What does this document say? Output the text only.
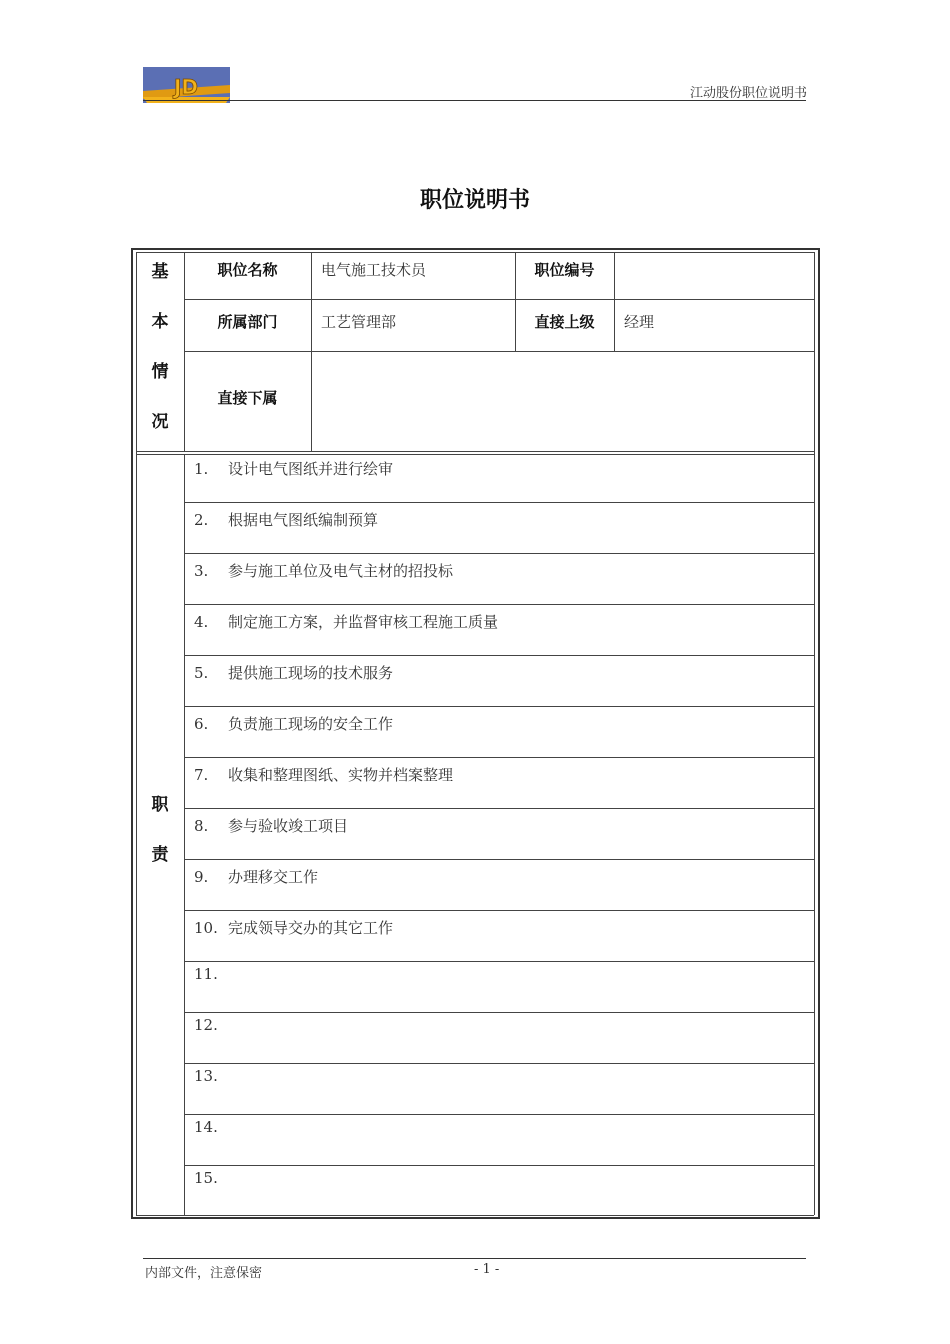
JD	江动股份职位说明书
职位说明书
基
本
情
况
职位名称	电气施工技术员	职位编号
所属部门	工艺管理部	直接上级	经理
直接下属
职
责
1. 设计电气图纸并进行绘审
2. 根据电气图纸编制预算
3. 参与施工单位及电气主材的招投标
4. 制定施工方案，并监督审核工程施工质量
5. 提供施工现场的技术服务
6. 负责施工现场的安全工作
7. 收集和整理图纸、实物并档案整理
8. 参与验收竣工项目
9. 办理移交工作
10. 完成领导交办的其它工作
11.
12.
13.
14.
15.
内部文件，注意保密	- 1 -
